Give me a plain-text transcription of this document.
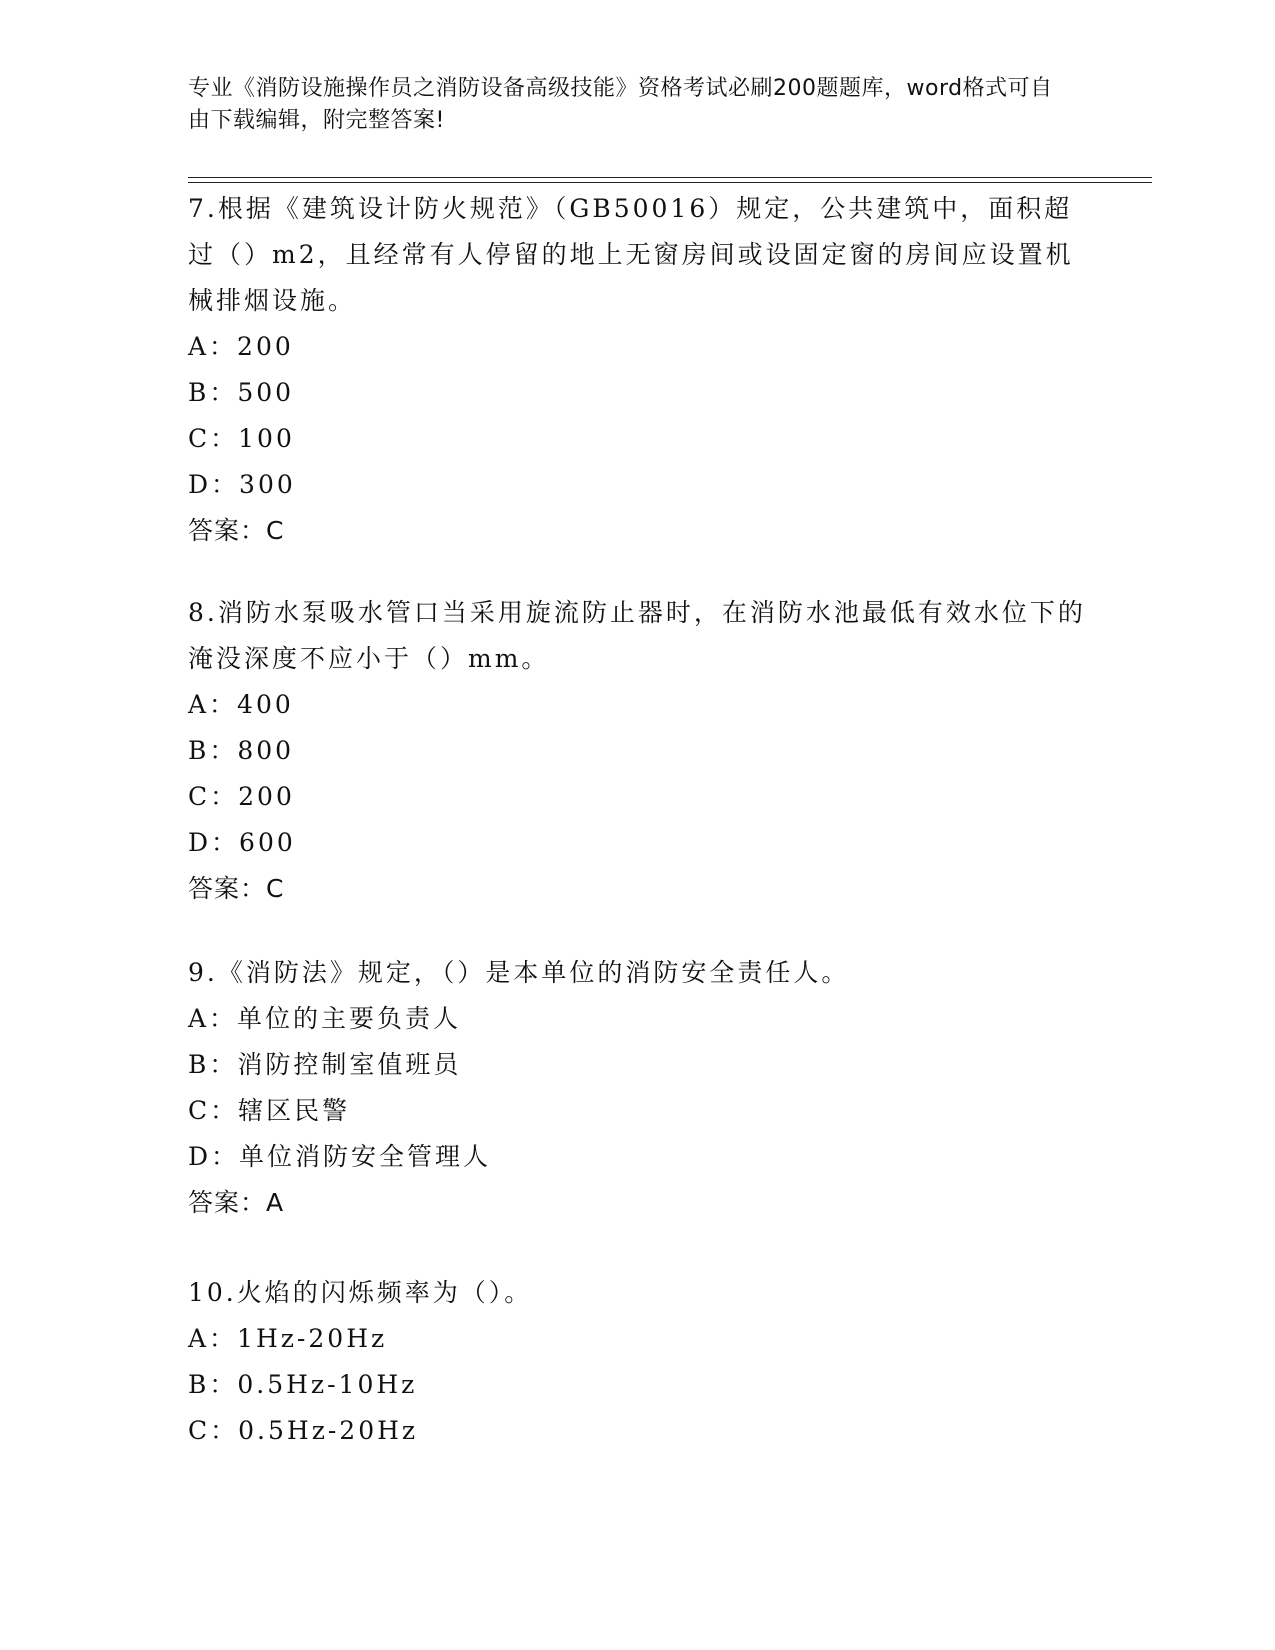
专业《消防设施操作员之消防设备高级技能》资格考试必刷200题题库，word格式可自由下载编辑，附完整答案!
7.根据《建筑设计防火规范》（GB50016）规定，公共建筑中，面积超过（）m2，且经常有人停留的地上无窗房间或设固定窗的房间应设置机械排烟设施。
A：200
B：500
C：100
D：300
答案：C
8.消防水泵吸水管口当采用旋流防止器时，在消防水池最低有效水位下的淹没深度不应小于（）mm。
A：400
B：800
C：200
D：600
答案：C
9.《消防法》规定，（）是本单位的消防安全责任人。
A：单位的主要负责人
B：消防控制室值班员
C：辖区民警
D：单位消防安全管理人
答案：A
10.火焰的闪烁频率为（）。
A：1Hz-20Hz
B：0.5Hz-10Hz
C：0.5Hz-20Hz
